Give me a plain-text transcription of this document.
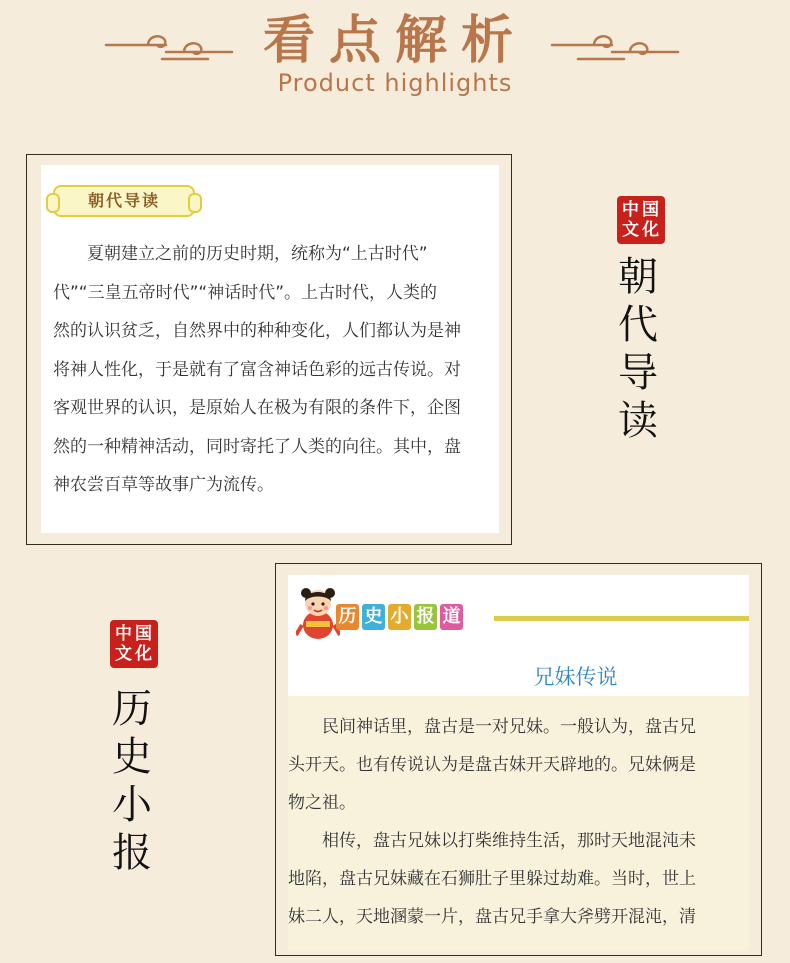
看点解析
Product highlights
朝代导读
　　夏朝建立之前的历史时期，统称为“上古时代”
代”“三皇五帝时代”“神话时代”。上古时代，人类的
然的认识贫乏，自然界中的种种变化，人们都认为是神
将神人性化，于是就有了富含神话色彩的远古传说。对
客观世界的认识，是原始人在极为有限的条件下，企图
然的一种精神活动，同时寄托了人类的向往。其中，盘
神农尝百草等故事广为流传。
中 国
文 化
朝
代
导
读
中 国
文 化
历
史
小
报
历 史 小 报 道
兄妹传说
　　民间神话里，盘古是一对兄妹。一般认为，盘古兄
头开天。也有传说认为是盘古妹开天辟地的。兄妹俩是
物之祖。
　　相传，盘古兄妹以打柴维持生活，那时天地混沌未
地陷，盘古兄妹藏在石狮肚子里躲过劫难。当时，世上
妹二人，天地溷蒙一片，盘古兄手拿大斧劈开混沌，清
